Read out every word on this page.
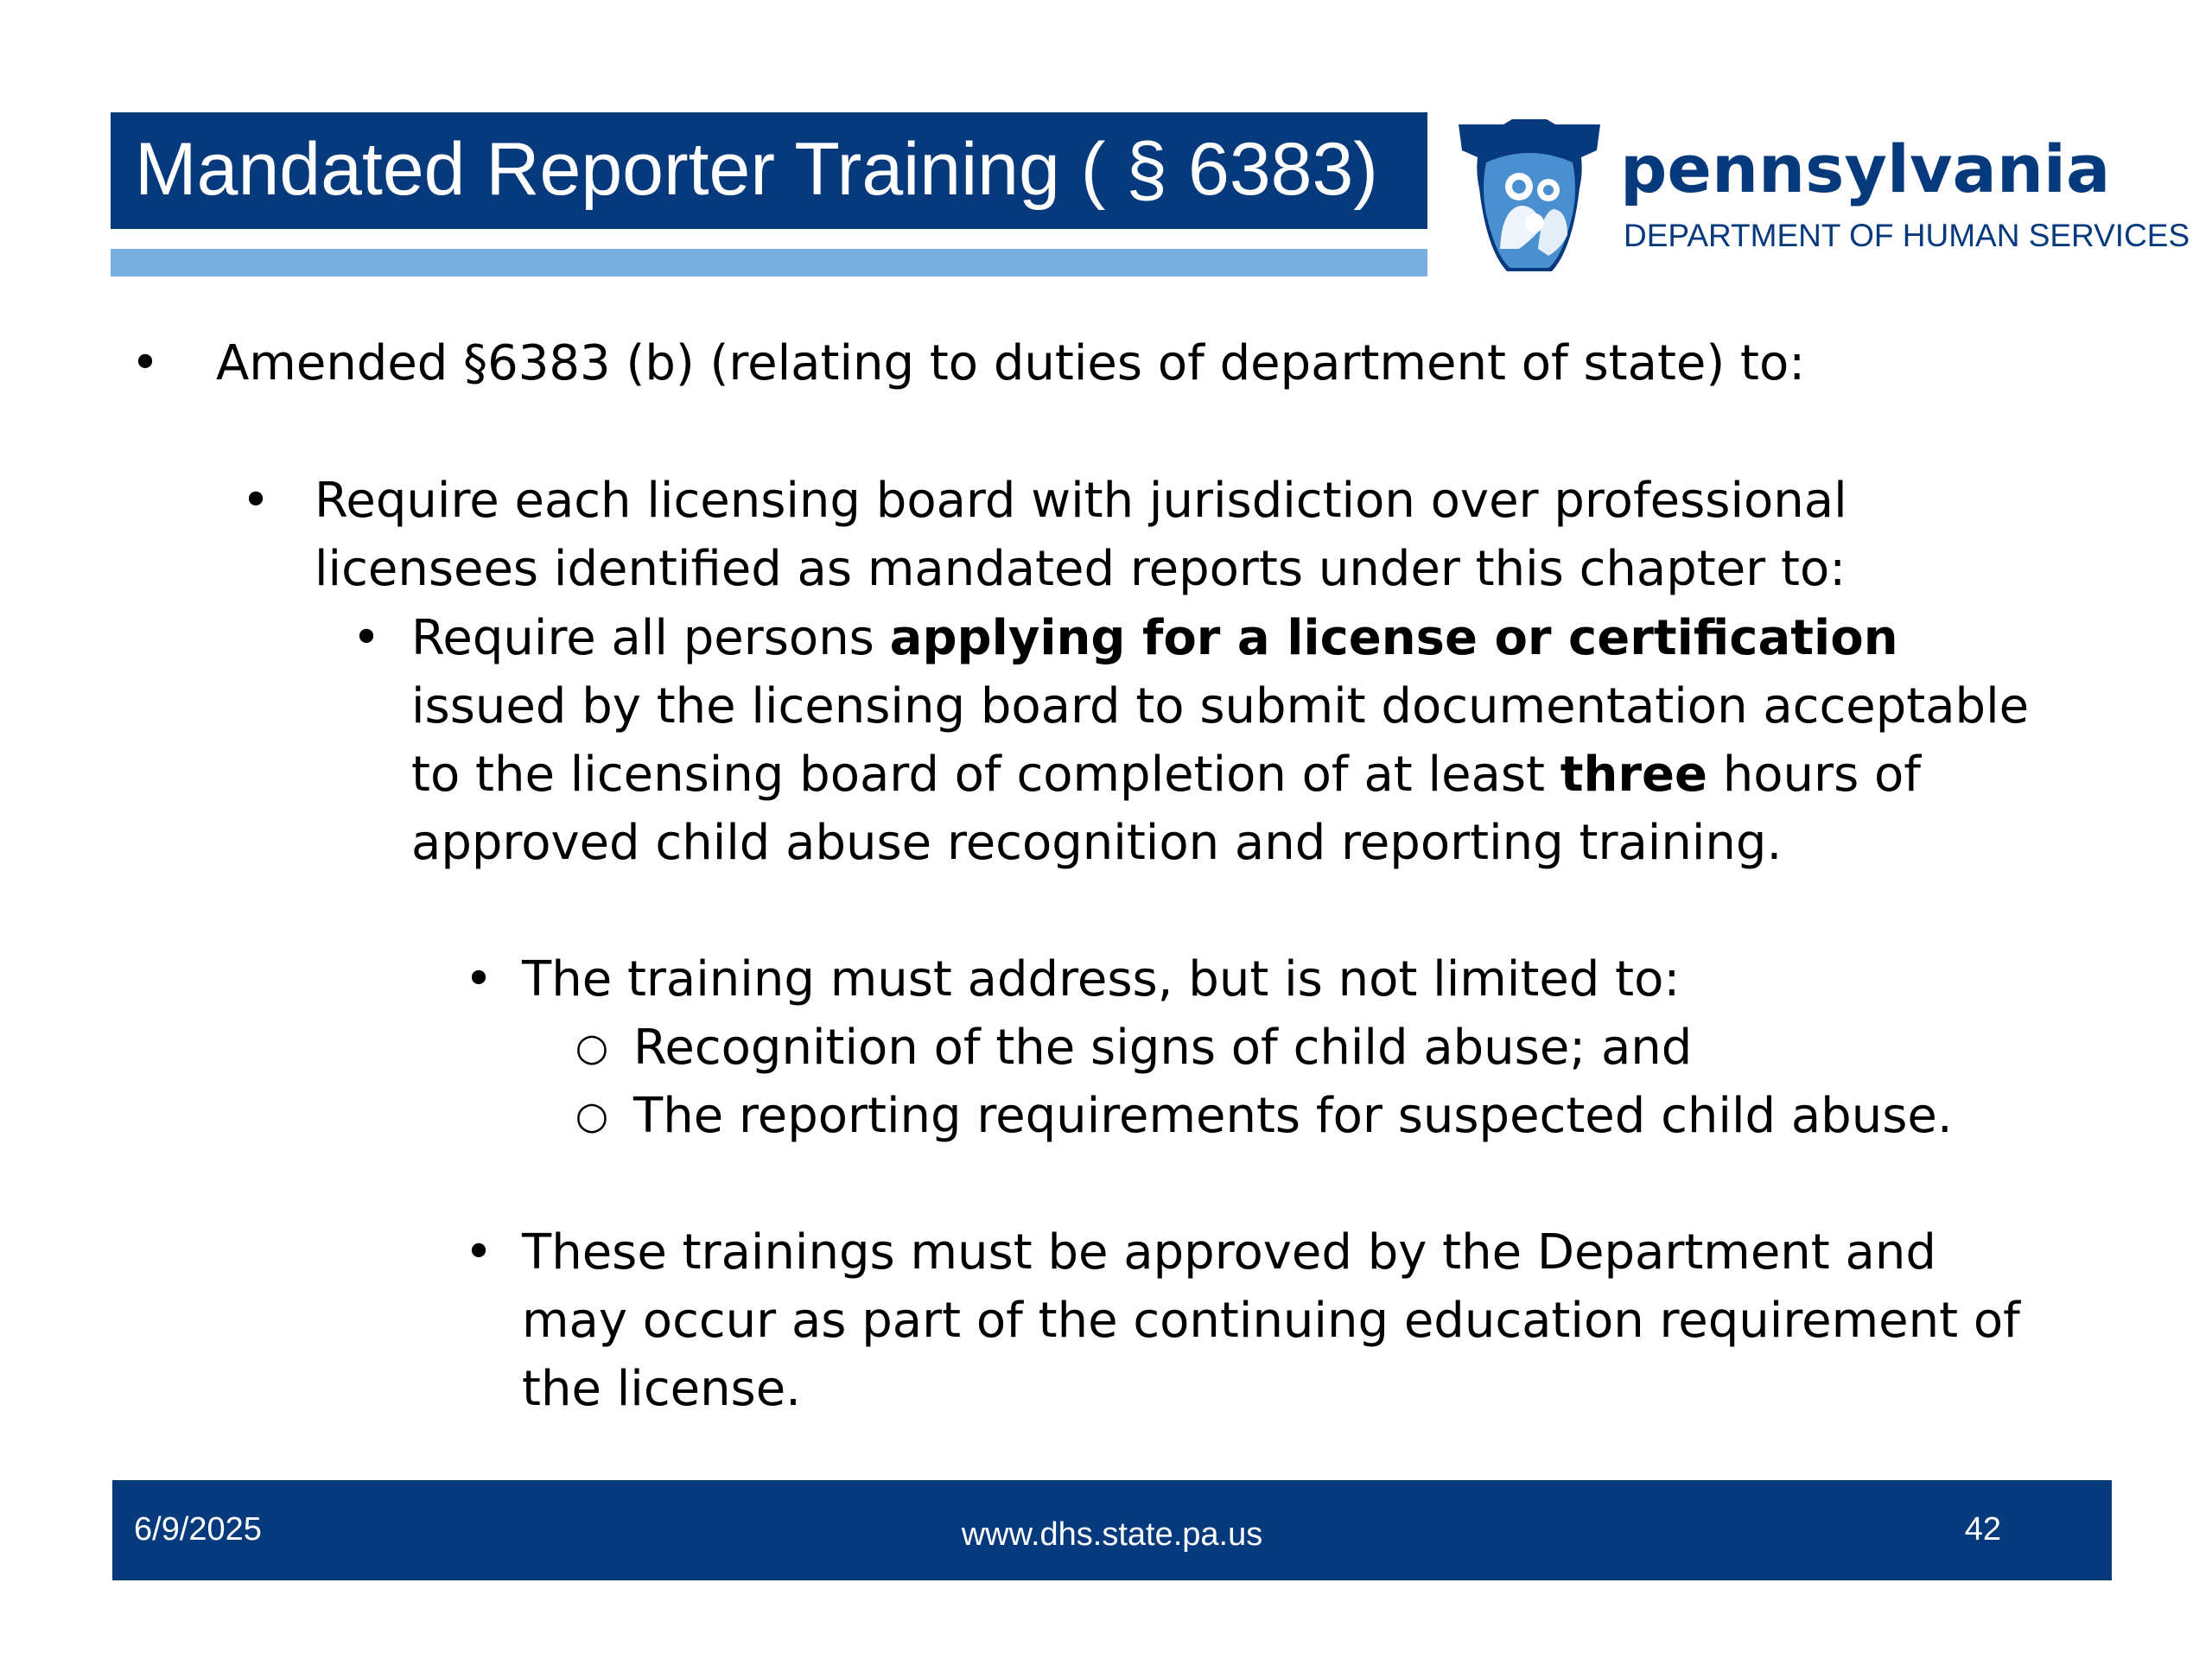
Mandated Reporter Training ( § 6383)	pennsylvania
DEPARTMENT OF HUMAN SERVICES
• Amended §6383 (b) (relating to duties of department of state) to:
• Require each licensing board with jurisdiction over professional
licensees identified as mandated reports under this chapter to:
• Require all persons applying for a license or certification
issued by the licensing board to submit documentation acceptable
to the licensing board of completion of at least three hours of
approved child abuse recognition and reporting training.
• The training must address, but is not limited to:
○ Recognition of the signs of child abuse; and
○ The reporting requirements for suspected child abuse.
• These trainings must be approved by the Department and
may occur as part of the continuing education requirement of
the license.
6/9/2025	www.dhs.state.pa.us	42
